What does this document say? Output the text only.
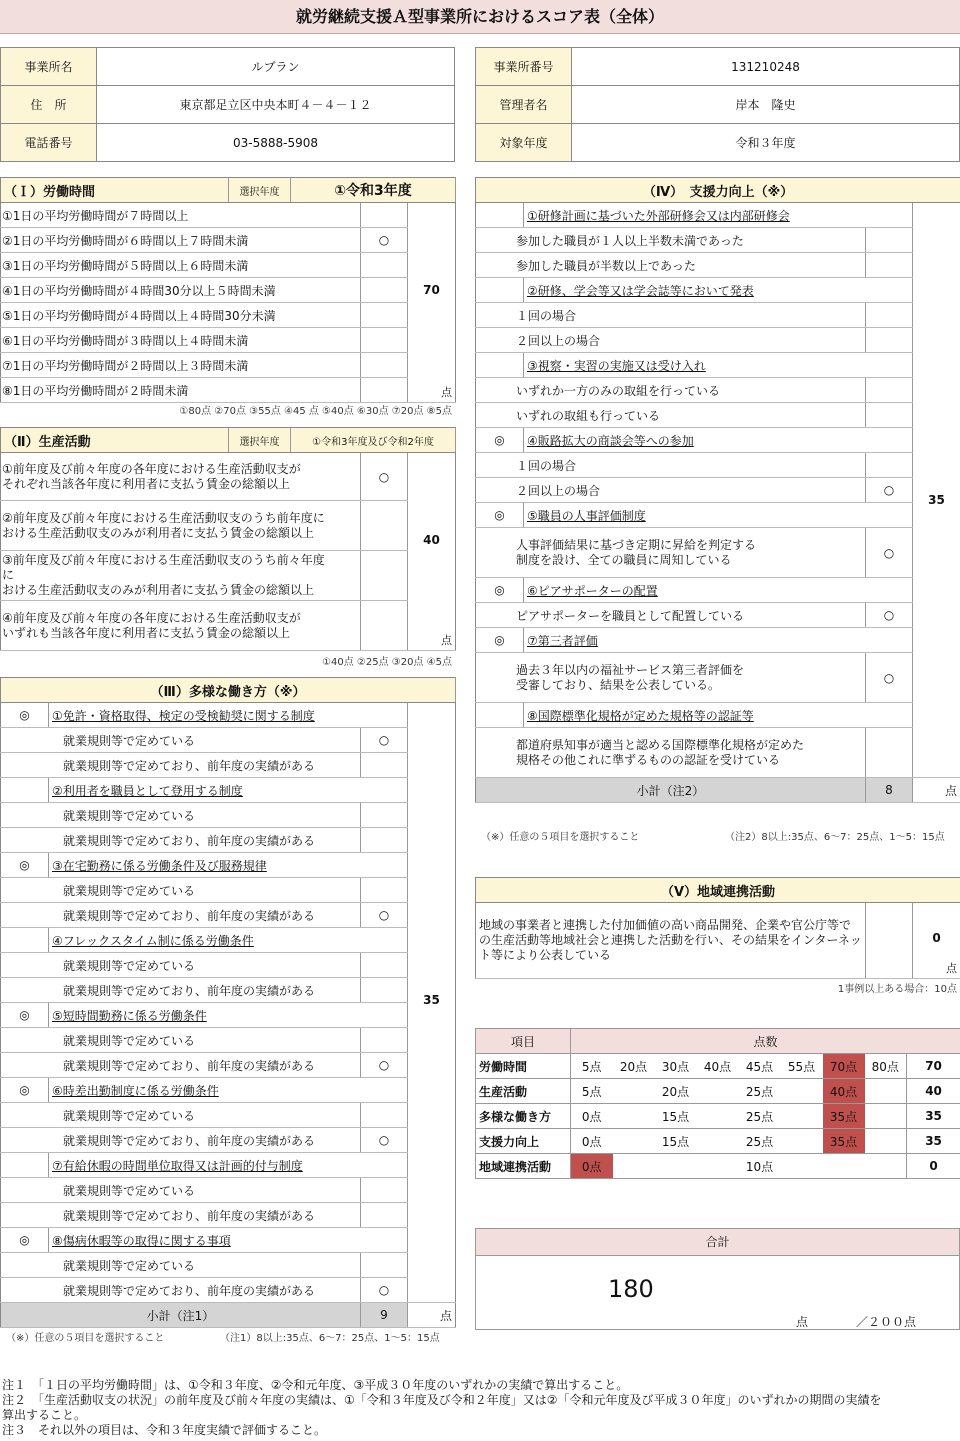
就労継続支援Ａ型事業所におけるスコア表（全体）
事業所名	ルブラン
住　所	東京都足立区中央本町４－４－１２
電話番号	03-5888-5908
事業所番号	131210248
管理者名	岸本　隆史
対象年度	令和３年度
（Ｉ）労働時間	選択年度	①令和3年度		
①1日の平均労働時間が７時間以上				70
点

②1日の平均労働時間が６時間以上７時間未満			○	
③1日の平均労働時間が５時間以上６時間未満				
④1日の平均労働時間が４時間30分以上５時間未満				
⑤1日の平均労働時間が４時間以上４時間30分未満				
⑥1日の平均労働時間が３時間以上４時間未満				
⑦1日の平均労働時間が２時間以上３時間未満				
⑧1日の平均労働時間が２時間未満				
①80点 ②70点 ③55点 ④45 点 ⑤40点 ⑥30点 ⑦20点 ⑧5点
（Ⅱ）生産活動	選択年度	①令和3年度及び令和2年度		
①前年度及び前々年度の各年度における生産活動収支が
それぞれ当該各年度に利用者に支払う賃金の総額以上			○	40
点

②前年度及び前々年度における生産活動収支のうち前年度に
おける生産活動収支のみが利用者に支払う賃金の総額以上				
③前年度及び前々年度における生産活動収支のうち前々年度
に
おける生産活動収支のみが利用者に支払う賃金の総額以上				
④前年度及び前々年度の各年度における生産活動収支が
いずれも当該各年度に利用者に支払う賃金の総額以上				
①40点 ②25点 ③20点 ④5点
（Ⅲ）多様な働き方（※）			
◎	①免許・資格取得、検定の受検勧奨に関する制度		35

就業規則等で定めている		○	
就業規則等で定めており、前年度の実績がある			
	②利用者を職員として登用する制度		
就業規則等で定めている			
就業規則等で定めており、前年度の実績がある			
◎	③在宅勤務に係る労働条件及び服務規律		
就業規則等で定めている			
就業規則等で定めており、前年度の実績がある		○	
	④フレックスタイム制に係る労働条件		
就業規則等で定めている			
就業規則等で定めており、前年度の実績がある			
◎	⑤短時間勤務に係る労働条件		
就業規則等で定めている			
就業規則等で定めており、前年度の実績がある		○	
◎	⑥時差出勤制度に係る労働条件		
就業規則等で定めている			
就業規則等で定めており、前年度の実績がある		○	
	⑦有給休暇の時間単位取得又は計画的付与制度		
就業規則等で定めている			
就業規則等で定めており、前年度の実績がある			
◎	⑧傷病休暇等の取得に関する事項		
就業規則等で定めている			
就業規則等で定めており、前年度の実績がある		○	
小計（注1）		9	点
（※）任意の５項目を選択すること	（注1）8以上:35点、6～7：25点、1～5：15点
（Ⅳ）　支援力向上（※）			
	①研修計画に基づいた外部研修会又は内部研修会		35

参加した職員が１人以上半数未満であった			
参加した職員が半数以上であった			
	②研修、学会等又は学会誌等において発表		
１回の場合			
２回以上の場合			
	③視察・実習の実施又は受け入れ		
いずれか一方のみの取組を行っている			
いずれの取組も行っている			
◎	④販路拡大の商談会等への参加		
１回の場合			
２回以上の場合		○	
◎	⑤職員の人事評価制度		
人事評価結果に基づき定期に昇給を判定する
制度を設け、全ての職員に周知している		○	
◎	⑥ピアサポーターの配置		
ピアサポーターを職員として配置している		○	
◎	⑦第三者評価		
過去３年以内の福祉サービス第三者評価を
受審しており、結果を公表している。		○	
	⑧国際標準化規格が定めた規格等の認証等		
都道府県知事が適当と認める国際標準化規格が定めた
規格その他これに準ずるものの認証を受けている			
小計（注2）		8	点
（※）任意の５項目を選択すること	（注2）8以上:35点、6～7：25点、1～5：15点
（Ⅴ）地域連携活動
地域の事業者と連携した付加価値の高い商品開発、企業や官公庁等での生産活動等地域社会と連携した活動を行い、その結果をインターネット等により公表している		
0
点
1事例以上ある場合：10点
項目	点数								
労働時間	5点	20点	30点	40点	45点	55点	70点	80点	70
生産活動	5点		20点		25点		40点		40
多様な働き方	0点		15点		25点		35点		35
支援力向上	0点		15点		25点		35点		35
地域連携活動	0点				10点				0
合計
180
点	／２００点
注１　「１日の平均労働時間」は、①令和３年度、②令和元年度、③平成３０年度のいずれかの実績で算出すること。
注２　「生産活動収支の状況」の前年度及び前々年度の実績は、①「令和３年度及び令和２年度」又は②「令和元年度及び平成３０年度」のいずれかの期間の実績を
算出すること。
注３　それ以外の項目は、令和３年度実績で評価すること。
